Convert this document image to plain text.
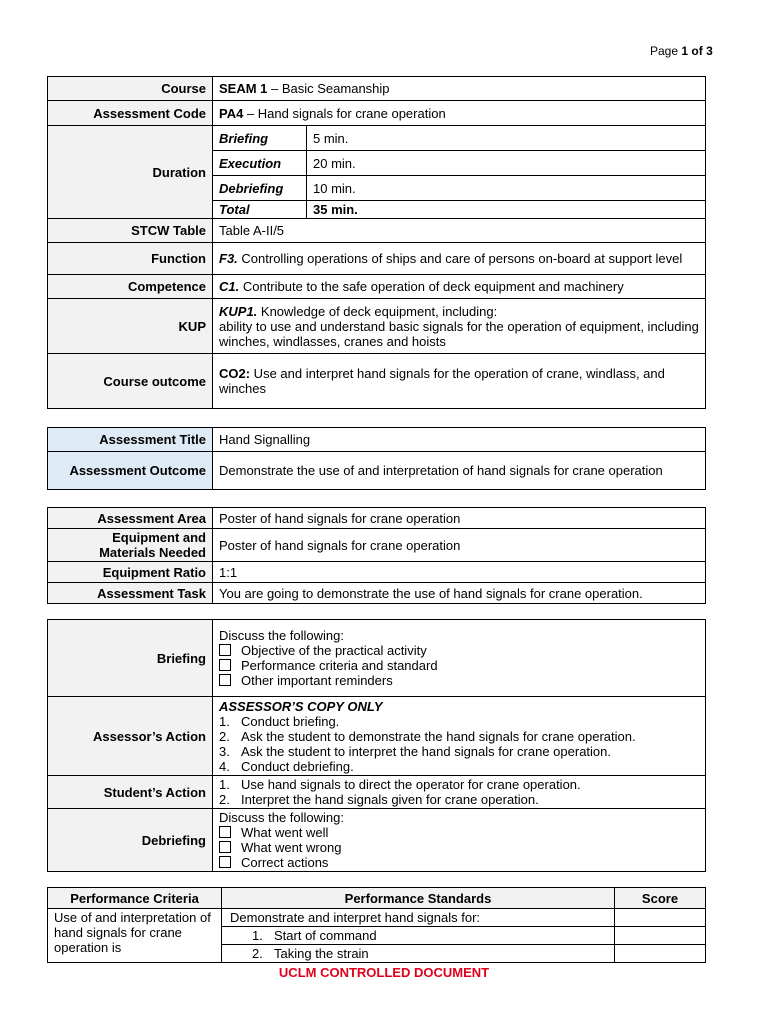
Page 1 of 3
Course	SEAM 1 – Basic Seamanship	
Assessment Code	PA4 – Hand signals for crane operation	
Duration	Briefing	5 min.
	Execution	20 min.
	Debriefing	10 min.
	Total	35 min.
STCW Table	Table A-II/5	
Function	F3. Controlling operations of ships and care of persons on-board at support level	
Competence	C1. Contribute to the safe operation of deck equipment and machinery	
KUP	KUP1. Knowledge of deck equipment, including:
ability to use and understand basic signals for the operation of equipment, including winches, windlasses, cranes and hoists	
Course outcome	CO2: Use and interpret hand signals for the operation of crane, windlass, and winches	
Assessment Title	Hand Signalling
Assessment Outcome	Demonstrate the use of and interpretation of hand signals for crane operation
Assessment Area	Poster of hand signals for crane operation
Equipment and Materials Needed	Poster of hand signals for crane operation
Equipment Ratio	1:1
Assessment Task	You are going to demonstrate the use of hand signals for crane operation.
Briefing	Discuss the following:
Objective of the practical activity
Performance criteria and standard
Other important reminders

Assessor’s Action	ASSESSOR’S COPY ONLY
1. Conduct briefing.
2. Ask the student to demonstrate the hand signals for crane operation.
3. Ask the student to interpret the hand signals for crane operation.
4. Conduct debriefing.

Student’s Action	1. Use hand signals to direct the operator for crane operation.
2. Interpret the hand signals given for crane operation.

Debriefing	Discuss the following:
What went well
What went wrong
Correct actions
Performance Criteria	Performance Standards	Score
Use of and interpretation of hand signals for crane operation is	Demonstrate and interpret hand signals for:	
	1. Start of command	
	2. Taking the strain	
UCLM CONTROLLED DOCUMENT
